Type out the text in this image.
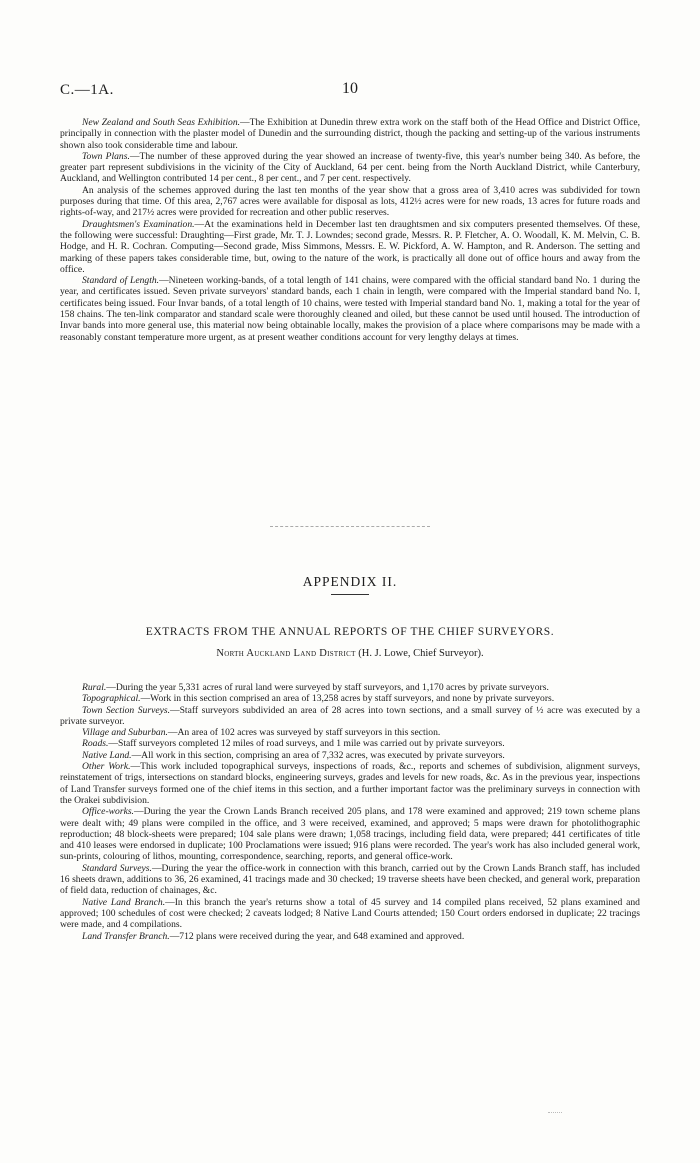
C.—1A.	10

New Zealand and South Seas Exhibition.—The Exhibition at Dunedin threw extra work on the staff both of the Head Office and District Office, principally in connection with the plaster model of Dunedin and the surrounding district, though the packing and setting-up of the various instruments shown also took considerable time and labour.

Town Plans.—The number of these approved during the year showed an increase of twenty-five, this year's number being 340. As before, the greater part represent subdivisions in the vicinity of the City of Auckland, 64 per cent. being from the North Auckland District, while Canterbury, Auckland, and Wellington contributed 14 per cent., 8 per cent., and 7 per cent. respectively.

An analysis of the schemes approved during the last ten months of the year show that a gross area of 3,410 acres was subdivided for town purposes during that time. Of this area, 2,767 acres were available for disposal as lots, 412½ acres were for new roads, 13 acres for future roads and rights-of-way, and 217½ acres were provided for recreation and other public reserves.

Draughtsmen's Examination.—At the examinations held in December last ten draughtsmen and six computers presented themselves. Of these, the following were successful: Draughting—First grade, Mr. T. J. Lowndes; second grade, Messrs. R. P. Fletcher, A. O. Woodall, K. M. Melvin, C. B. Hodge, and H. R. Cochran. Computing—Second grade, Miss Simmons, Messrs. E. W. Pickford, A. W. Hampton, and R. Anderson. The setting and marking of these papers takes considerable time, but, owing to the nature of the work, is practically all done out of office hours and away from the office.

Standard of Length.—Nineteen working-bands, of a total length of 141 chains, were compared with the official standard band No. 1 during the year, and certificates issued. Seven private surveyors' standard bands, each 1 chain in length, were compared with the Imperial standard band No. I, certificates being issued. Four Invar bands, of a total length of 10 chains, were tested with Imperial standard band No. 1, making a total for the year of 158 chains. The ten-link comparator and standard scale were thoroughly cleaned and oiled, but these cannot be used until housed. The introduction of Invar bands into more general use, this material now being obtainable locally, makes the provision of a place where comparisons may be made with a reasonably constant temperature more urgent, as at present weather conditions account for very lengthy delays at times.

APPENDIX II.
EXTRACTS FROM THE ANNUAL REPORTS OF THE CHIEF SURVEYORS.
North Auckland Land District (H. J. Lowe, Chief Surveyor).

Rural.—During the year 5,331 acres of rural land were surveyed by staff surveyors, and 1,170 acres by private surveyors.

Topographical.—Work in this section comprised an area of 13,258 acres by staff surveyors, and none by private surveyors.

Town Section Surveys.—Staff surveyors subdivided an area of 28 acres into town sections, and a small survey of ½ acre was executed by a private surveyor.

Village and Suburban.—An area of 102 acres was surveyed by staff surveyors in this section.

Roads.—Staff surveyors completed 12 miles of road surveys, and 1 mile was carried out by private surveyors.

Native Land.—All work in this section, comprising an area of 7,332 acres, was executed by private surveyors.

Other Work.—This work included topographical surveys, inspections of roads, &c., reports and schemes of subdivision, alignment surveys, reinstatement of trigs, intersections on standard blocks, engineering surveys, grades and levels for new roads, &c. As in the previous year, inspections of Land Transfer surveys formed one of the chief items in this section, and a further important factor was the preliminary surveys in connection with the Orakei subdivision.

Office-works.—During the year the Crown Lands Branch received 205 plans, and 178 were examined and approved; 219 town scheme plans were dealt with; 49 plans were compiled in the office, and 3 were received, examined, and approved; 5 maps were drawn for photolithographic reproduction; 48 block-sheets were prepared; 104 sale plans were drawn; 1,058 tracings, including field data, were prepared; 441 certificates of title and 410 leases were endorsed in duplicate; 100 Proclamations were issued; 916 plans were recorded. The year's work has also included general work, sun-prints, colouring of lithos, mounting, correspondence, searching, reports, and general office-work.

Standard Surveys.—During the year the office-work in connection with this branch, carried out by the Crown Lands Branch staff, has included 16 sheets drawn, additions to 36, 26 examined, 41 tracings made and 30 checked; 19 traverse sheets have been checked, and general work, preparation of field data, reduction of chainages, &c.

Native Land Branch.—In this branch the year's returns show a total of 45 survey and 14 compiled plans received, 52 plans examined and approved; 100 schedules of cost were checked; 2 caveats lodged; 8 Native Land Courts attended; 150 Court orders endorsed in duplicate; 22 tracings were made, and 4 compilations.

Land Transfer Branch.—712 plans were received during the year, and 648 examined and approved.
